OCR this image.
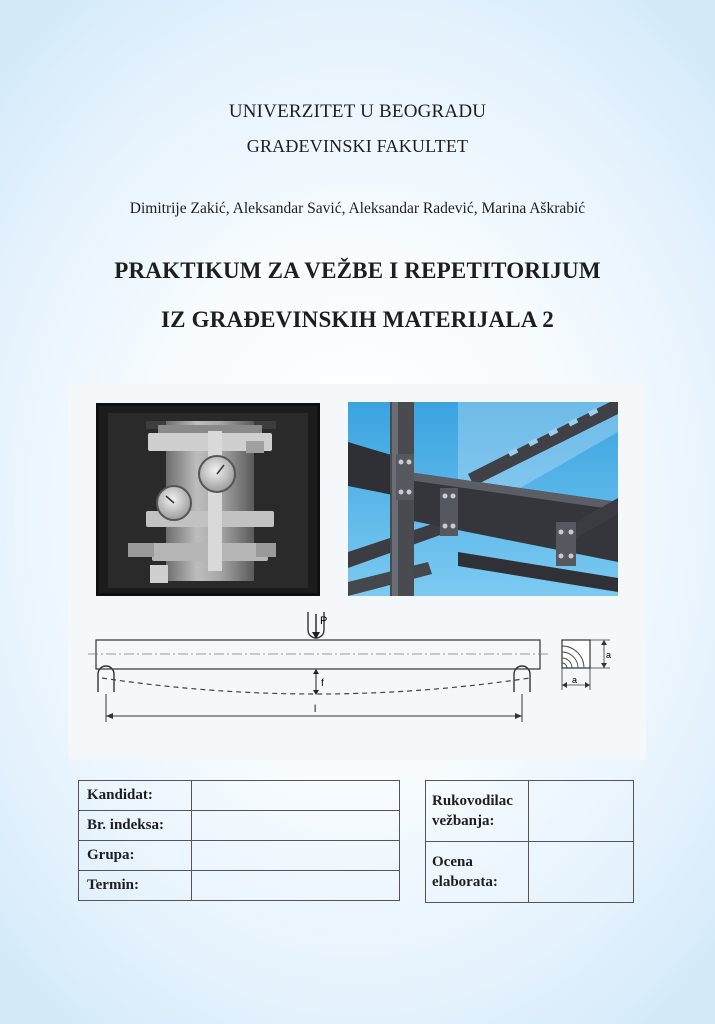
UNIVERZITET U BEOGRADU
GRAĐEVINSKI FAKULTET
Dimitrije Zakić, Aleksandar Savić, Aleksandar Radević, Marina Aškrabić
PRAKTIKUM ZA VEŽBE I REPETITORIJUM
IZ GRAĐEVINSKIH MATERIJALA 2
P
f
l
a
a
Kandidat:	
Br. indeksa:	
Grupa:	
Termin:	
Rukovodilac
vežbanja:	
Ocena
elaborata:	
